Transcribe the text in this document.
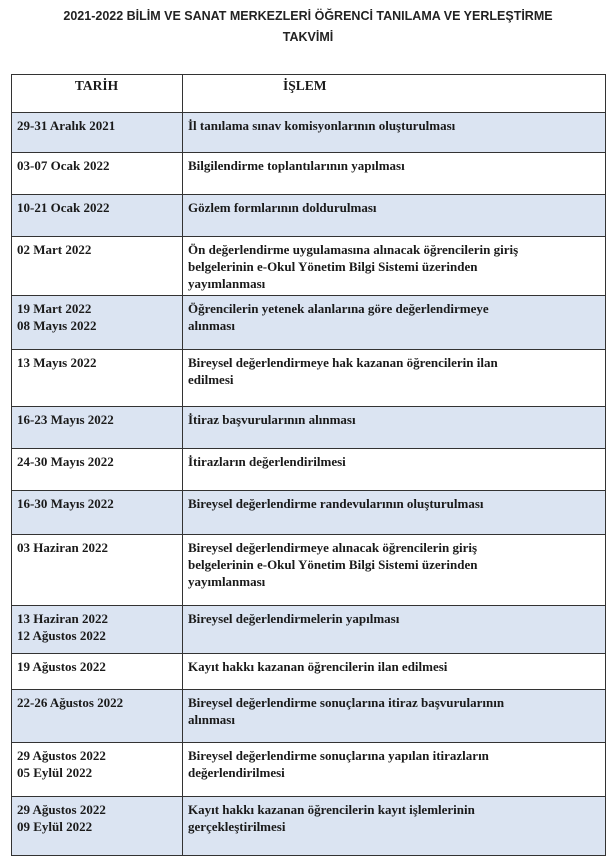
2021-2022 BİLİM VE SANAT MERKEZLERİ ÖĞRENCİ TANILAMA VE YERLEŞTİRME
TAKVİMİ
TARİH	İŞLEM

29-31 Aralık 2021	İl tanılama sınav komisyonlarının oluşturulması

03-07 Ocak 2022	Bilgilendirme toplantılarının yapılması

10-21 Ocak 2022	Gözlem formlarının doldurulması

02 Mart 2022	Ön değerlendirme uygulamasına alınacak öğrencilerin giriş
belgelerinin e-Okul Yönetim Bilgi Sistemi üzerinden
yayımlanması

19 Mart 2022
08 Mayıs 2022	Öğrencilerin yetenek alanlarına göre değerlendirmeye
alınması

13 Mayıs 2022	Bireysel değerlendirmeye hak kazanan öğrencilerin ilan
edilmesi

16-23 Mayıs 2022	İtiraz başvurularının alınması

24-30 Mayıs 2022	İtirazların değerlendirilmesi

16-30 Mayıs 2022	Bireysel değerlendirme randevularının oluşturulması

03 Haziran 2022	Bireysel değerlendirmeye alınacak öğrencilerin giriş
belgelerinin e-Okul Yönetim Bilgi Sistemi üzerinden
yayımlanması

13 Haziran 2022
12 Ağustos 2022	Bireysel değerlendirmelerin yapılması

19 Ağustos 2022	Kayıt hakkı kazanan öğrencilerin ilan edilmesi

22-26 Ağustos 2022	Bireysel değerlendirme sonuçlarına itiraz başvurularının
alınması

29 Ağustos 2022
05 Eylül 2022	Bireysel değerlendirme sonuçlarına yapılan itirazların
değerlendirilmesi

29 Ağustos 2022
09 Eylül 2022	Kayıt hakkı kazanan öğrencilerin kayıt işlemlerinin
gerçekleştirilmesi
